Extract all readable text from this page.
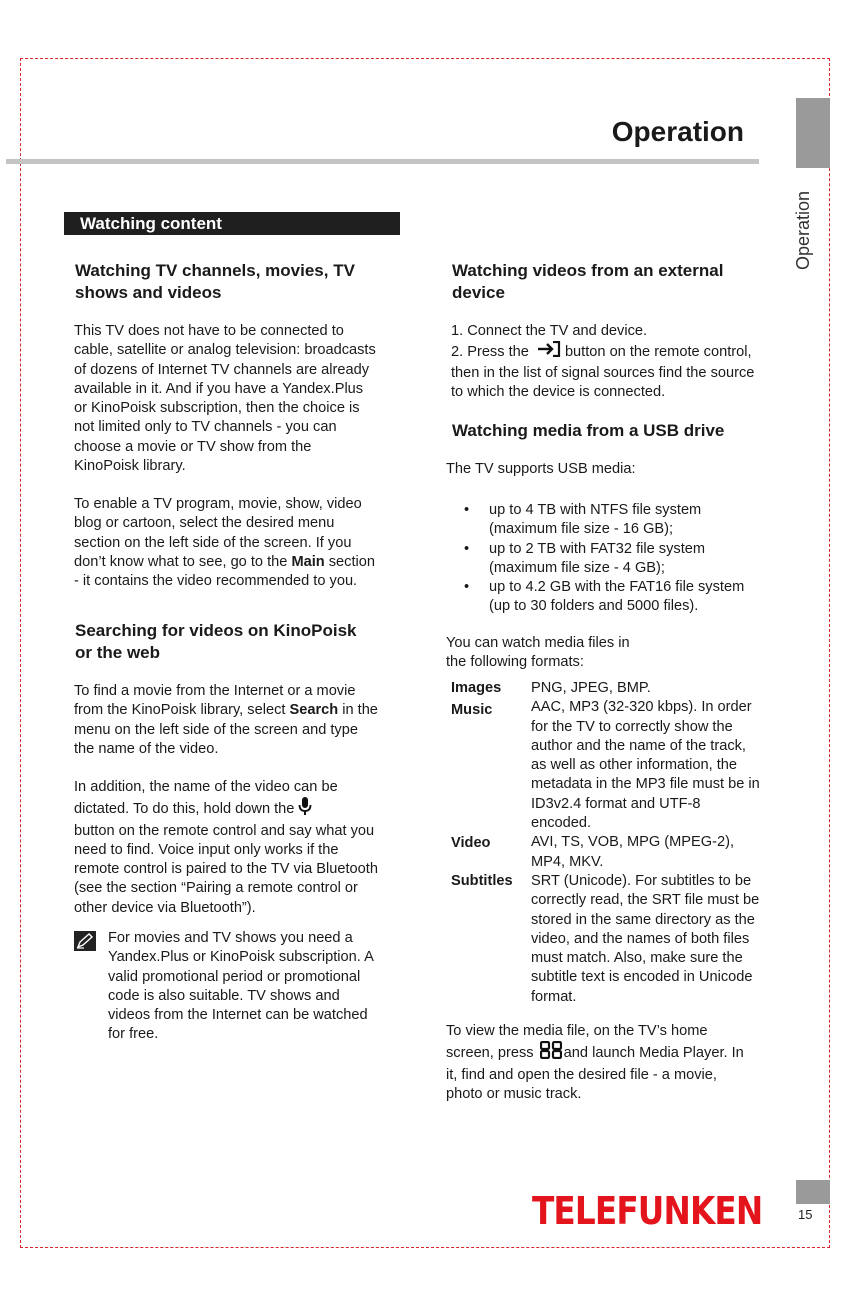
Operation
Operation
15
Watching content
Watching TV channels, movies, TV
shows and videos
This TV does not have to be connected to
cable, satellite or analog television: broadcasts
of dozens of Internet TV channels are already
available in it. And if you have a Yandex.Plus
or KinoPoisk subscription, then the choice is
not limited only to TV channels - you can
choose a movie or TV show from the
KinoPoisk library.
To enable a TV program, movie, show, video
blog or cartoon, select the desired menu
section on the left side of the screen. If you
don’t know what to see, go to the Main section
- it contains the video recommended to you.
Searching for videos on KinoPoisk
or the web
To find a movie from the Internet or a movie
from the KinoPoisk library, select Search in the
menu on the left side of the screen and type
the name of the video.
In addition, the name of the video can be
dictated. To do this, hold down the
button on the remote control and say what you
need to find. Voice input only works if the
remote control is paired to the TV via Bluetooth
(see the section “Pairing a remote control or
other device via Bluetooth”).
For movies and TV shows you need a
Yandex.Plus or KinoPoisk subscription. A
valid promotional period or promotional
code is also suitable. TV shows and
videos from the Internet can be watched
for free.
Watching videos from an external
device
1. Connect the TV and device.
2. Press the button on the remote control,
then in the list of signal sources find the source
to which the device is connected.
Watching media from a USB drive
The TV supports USB media:
• up to 4 TB with NTFS file system
(maximum file size - 16 GB);
• up to 2 TB with FAT32 file system
(maximum file size - 4 GB);
• up to 4.2 GB with the FAT16 file system
(up to 30 folders and 5000 files).
You can watch media files in
the following formats:
Images PNG, JPEG, BMP.
Music	AAC, MP3 (32-320 kbps). In order
for the TV to correctly show the
author and the name of the track,
as well as other information, the
metadata in the MP3 file must be in
ID3v2.4 format and UTF-8
encoded.
Video	AVI, TS, VOB, MPG (MPEG-2),
MP4, MKV.
Subtitles SRT (Unicode). For subtitles to be
correctly read, the SRT file must be
stored in the same directory as the
video, and the names of both files
must match. Also, make sure the
subtitle text is encoded in Unicode
format.
To view the media file, on the TV’s home
screen, press and launch Media Player. In
it, find and open the desired file - a movie,
photo or music track.
TELEFUNKEN
